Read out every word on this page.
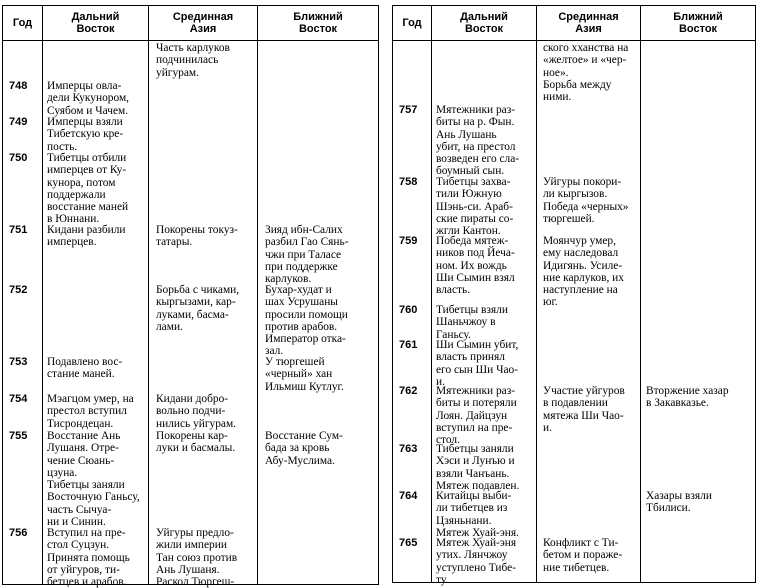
Год	Дальний
Восток
Срединная
Азия
Ближний
Восток
748
749
750
751
752
753
754
755
756
Имперцы овла-
дели Кукунором,
Суябом и Чачем.
Имперцы взяли
Тибетскую кре-
пость.
Тибетцы отбили
имперцев от Ку-
кунора, потом
поддержали
восстание маней
в Юннани.
Кидани разбили
имперцев.
Подавлено вос-
стание маней.
Мэагцом умер, на
престол вступил
Тисрондецан.
Восстание Ань
Лушаня. Отре-
чение Сюань-
цзуна.
Тибетцы заняли
Восточную Ганьсу,
часть Сычуа-
ни и Синин.
Вступил на пре-
стол Суцзун.
Принята помощь
от уйгуров, ти-
бетцев и арабов.
Часть карлуков
подчинилась
уйгурам.
Покорены токуз-
татары.
Борьба с чиками,
кыргызами, кар-
луками, басма-
лами.
Кидани добро-
вольно подчи-
нились уйгурам.
Покорены кар-
луки и басмалы.
Уйгуры предло-
жили империи
Тан союз против
Ань Лушаня.
Раскол Тюргеш-
Зияд ибн-Салих
разбил Гао Сянь-
чжи при Таласе
при поддержке
карлуков.
Бухар-худат и
шах Усрушаны
просили помощи
против арабов.
Император отка-
зал.
У тюргешей
«черный» хан
Ильмиш Кутлуг.
Восстание Сум-
бада за кровь
Абу-Муслима.
Год	Дальний
Восток
Срединная
Азия
Ближний
Восток
757
758
759
760
761
762
763
764
765
Мятежники раз-
биты на р. Фын.
Ань Лушань
убит, на престол
возведен его сла-
боумный сын.
Тибетцы захва-
тили Южную
Шэнь-си. Араб-
ские пираты со-
жгли Кантон.
Победа мятеж-
ников под Йеча-
ном. Их вождь
Ши Сымин взял
власть.
Тибетцы взяли
Шаньчжоу в
Ганьсу.
Ши Сымин убит,
власть принял
его сын Ши Чао-
и.
Мятежники раз-
биты и потеряли
Лоян. Дайцзун
вступил на пре-
стол.
Тибетцы заняли
Хэси и Лунъю и
взяли Чанъань.
Мятеж подавлен.
Китайцы выби-
ли тибетцев из
Цзяньнани.
Мятеж Хуай-эня.
Мятеж Хуай-эня
утих. Лянчжоу
уступлено Тибе-
ту.
ского хханства на
«желтое» и «чер-
ное».
Борьба между
ними.
Уйгуры покори-
ли кыргызов.
Победа «черных»
тюргешей.
Моянчур умер,
ему наследовал
Идигянь. Усиле-
ние карлуков, их
наступление на
юг.
Участие уйгуров
в подавлении
мятежа Ши Чао-
и.
Конфликт с Ти-
бетом и пораже-
ние тибетцев.
Вторжение хазар
в Закавказье.
Хазары взяли
Тбилиси.
